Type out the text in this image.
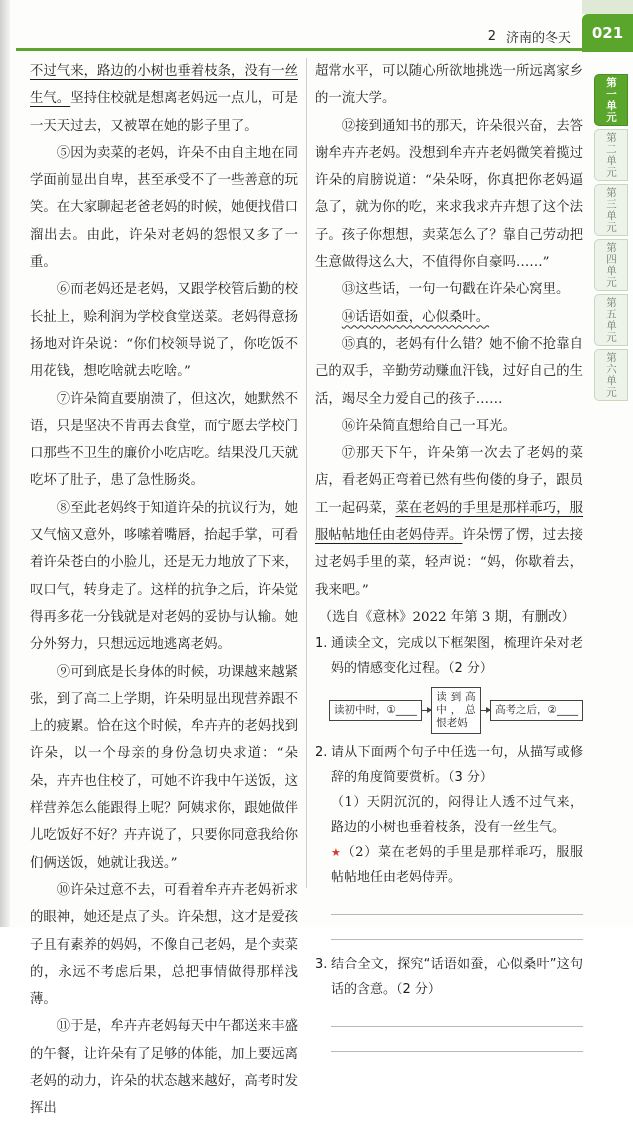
2 济南的冬天	021
第一单元
第二单元
第三单元
第四单元
第五单元
第六单元

不过气来，路边的小树也垂着枝条，没有一丝生气。坚持住校就是想离老妈远一点儿，可是一天天过去，又被罩在她的影子里了。

⑤因为卖菜的老妈，许朵不由自主地在同学面前显出自卑，甚至承受不了一些善意的玩笑。在大家聊起老爸老妈的时候，她便找借口溜出去。由此，许朵对老妈的怨恨又多了一重。

⑥而老妈还是老妈，又跟学校管后勤的校长扯上，赊利润为学校食堂送菜。老妈得意扬扬地对许朵说：“你们校领导说了，你吃饭不用花钱，想吃啥就去吃啥。”

⑦许朵简直要崩溃了，但这次，她默然不语，只是坚决不肯再去食堂，而宁愿去学校门口那些不卫生的廉价小吃店吃。结果没几天就吃坏了肚子，患了急性肠炎。

⑧至此老妈终于知道许朵的抗议行为，她又气恼又意外，哆嗦着嘴唇，抬起手掌，可看着许朵苍白的小脸儿，还是无力地放了下来，叹口气，转身走了。这样的抗争之后，许朵觉得再多花一分钱就是对老妈的妥协与认输。她分外努力，只想远远地逃离老妈。

⑨可到底是长身体的时候，功课越来越紧张，到了高二上学期，许朵明显出现营养跟不上的疲累。恰在这个时候，牟卉卉的老妈找到许朵，以一个母亲的身份急切央求道：“朵朵，卉卉也住校了，可她不许我中午送饭，这样营养怎么能跟得上呢？阿姨求你，跟她做伴儿吃饭好不好？卉卉说了，只要你同意我给你们俩送饭，她就让我送。”

⑩许朵过意不去，可看着牟卉卉老妈祈求的眼神，她还是点了头。许朵想，这才是爱孩子且有素养的妈妈，不像自己老妈，是个卖菜的，永远不考虑后果，总把事情做得那样浅薄。

⑪于是，牟卉卉老妈每天中午都送来丰盛的午餐，让许朵有了足够的体能，加上要远离老妈的动力，许朵的状态越来越好，高考时发挥出

超常水平，可以随心所欲地挑选一所远离家乡的一流大学。

⑫接到通知书的那天，许朵很兴奋，去答谢牟卉卉老妈。没想到牟卉卉老妈微笑着揽过许朵的肩膀说道：“朵朵呀，你真把你老妈逼急了，就为你的吃，来求我求卉卉想了这个法子。孩子你想想，卖菜怎么了？靠自己劳动把生意做得这么大，不值得你自豪吗……”

⑬这些话，一句一句戳在许朵心窝里。

⑭话语如蚕，心似桑叶。

⑮真的，老妈有什么错？她不偷不抢靠自己的双手，辛勤劳动赚血汗钱，过好自己的生活，竭尽全力爱自己的孩子……

⑯许朵简直想给自己一耳光。

⑰那天下午，许朵第一次去了老妈的菜店，看老妈正弯着已然有些佝偻的身子，跟员工一起码菜，菜在老妈的手里是那样乖巧，服服帖帖地任由老妈侍弄。许朵愣了愣，过去接过老妈手里的菜，轻声说：“妈，你歇着去，我来吧。”

（选自《意林》2022 年第 3 期，有删改）

1. 通读全文，完成以下框架图，梳理许朵对老妈的情感变化过程。（2 分）
读初中时，①____
读到高中，总恨老妈
高考之后，②____
2. 请从下面两个句子中任选一句，从描写或修辞的角度简要赏析。（3 分）

（1）天阴沉沉的，闷得让人透不过气来，路边的小树也垂着枝条，没有一丝生气。

★（2）菜在老妈的手里是那样乖巧，服服帖帖地任由老妈侍弄。

3. 结合全文，探究“话语如蚕，心似桑叶”这句话的含意。（2 分）
